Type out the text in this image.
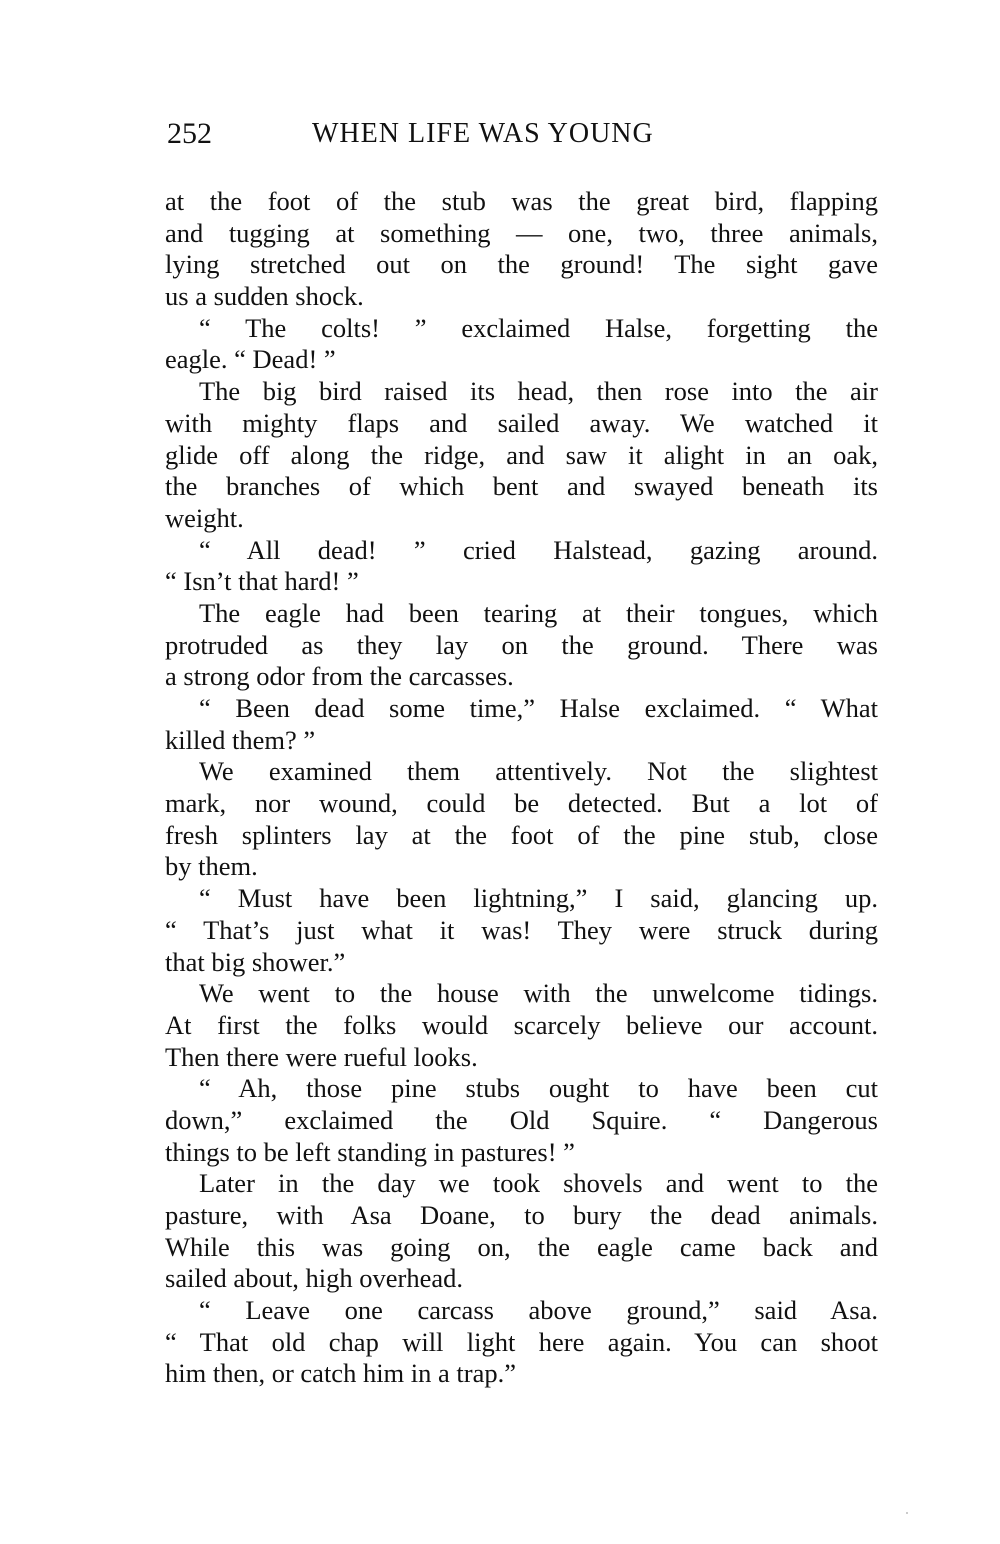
252	WHEN LIFE WAS YOUNG
at the foot of the stub was the great bird, flapping
and tugging at something — one, two, three animals,
lying stretched out on the ground! The sight gave
us a sudden shock.
“ The colts! ” exclaimed Halse, forgetting the
eagle. “ Dead! ”
The big bird raised its head, then rose into the air
with mighty flaps and sailed away. We watched it
glide off along the ridge, and saw it alight in an oak,
the branches of which bent and swayed beneath its
weight.
“ All dead! ” cried Halstead, gazing around.
“ Isn’t that hard! ”
The eagle had been tearing at their tongues, which
protruded as they lay on the ground. There was
a strong odor from the carcasses.
“ Been dead some time,” Halse exclaimed. “ What
killed them? ”
We examined them attentively. Not the slightest
mark, nor wound, could be detected. But a lot of
fresh splinters lay at the foot of the pine stub, close
by them.
“ Must have been lightning,” I said, glancing up.
“ That’s just what it was! They were struck during
that big shower.”
We went to the house with the unwelcome tidings.
At first the folks would scarcely believe our account.
Then there were rueful looks.
“ Ah, those pine stubs ought to have been cut
down,” exclaimed the Old Squire. “ Dangerous
things to be left standing in pastures! ”
Later in the day we took shovels and went to the
pasture, with Asa Doane, to bury the dead animals.
While this was going on, the eagle came back and
sailed about, high overhead.
“ Leave one carcass above ground,” said Asa.
“ That old chap will light here again. You can shoot
him then, or catch him in a trap.”
